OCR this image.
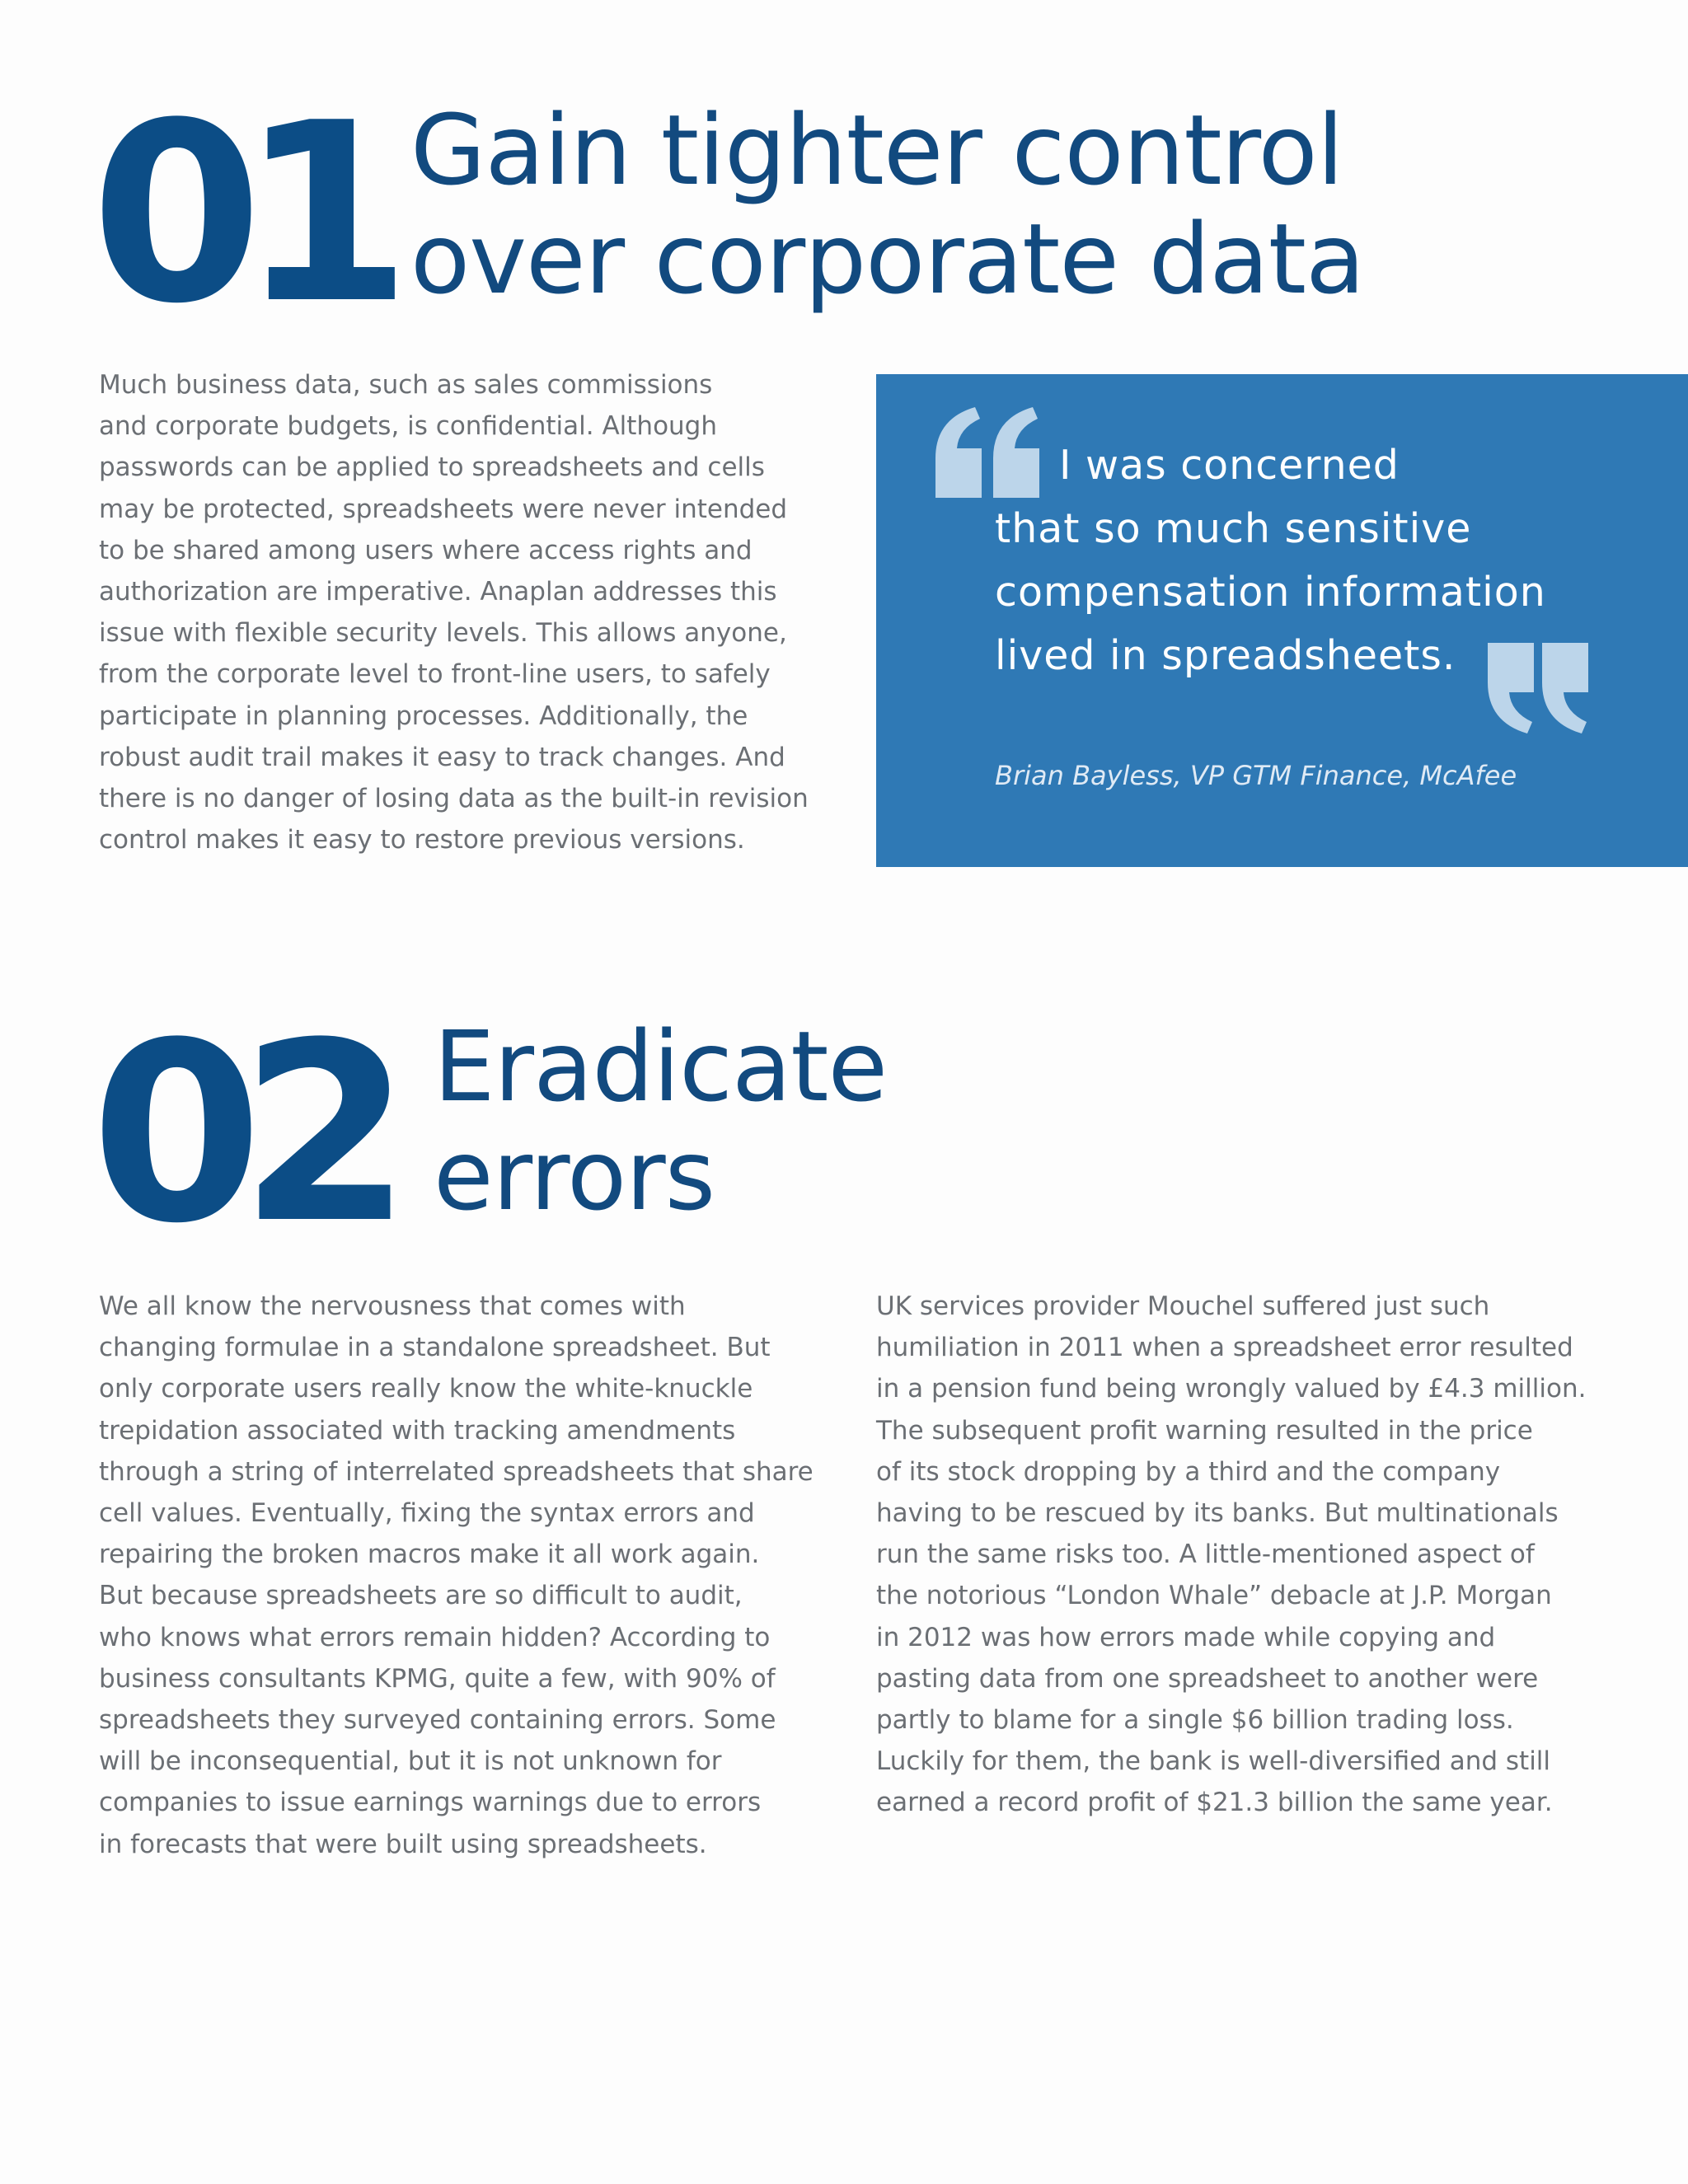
01 Gain tighter control
over corporate data

Much business data, such as sales commissions
and corporate budgets, is confidential. Although
passwords can be applied to spreadsheets and cells
may be protected, spreadsheets were never intended
to be shared among users where access rights and
authorization are imperative. Anaplan addresses this
issue with flexible security levels. This allows anyone,
from the corporate level to front-line users, to safely
participate in planning processes. Additionally, the
robust audit trail makes it easy to track changes. And
there is no danger of losing data as the built-in revision
control makes it easy to restore previous versions.

I was concerned
that so much sensitive
compensation information
lived in spreadsheets.

Brian Bayless, VP GTM Finance, McAfee

02 Eradicate
errors

We all know the nervousness that comes with
changing formulae in a standalone spreadsheet. But
only corporate users really know the white-knuckle
trepidation associated with tracking amendments
through a string of interrelated spreadsheets that share
cell values. Eventually, fixing the syntax errors and
repairing the broken macros make it all work again.
But because spreadsheets are so difficult to audit,
who knows what errors remain hidden? According to
business consultants KPMG, quite a few, with 90% of
spreadsheets they surveyed containing errors. Some
will be inconsequential, but it is not unknown for
companies to issue earnings warnings due to errors
in forecasts that were built using spreadsheets.

UK services provider Mouchel suffered just such
humiliation in 2011 when a spreadsheet error resulted
in a pension fund being wrongly valued by £4.3 million.
The subsequent profit warning resulted in the price
of its stock dropping by a third and the company
having to be rescued by its banks. But multinationals
run the same risks too. A little-mentioned aspect of
the notorious “London Whale” debacle at J.P. Morgan
in 2012 was how errors made while copying and
pasting data from one spreadsheet to another were
partly to blame for a single $6 billion trading loss.
Luckily for them, the bank is well-diversified and still
earned a record profit of $21.3 billion the same year.
